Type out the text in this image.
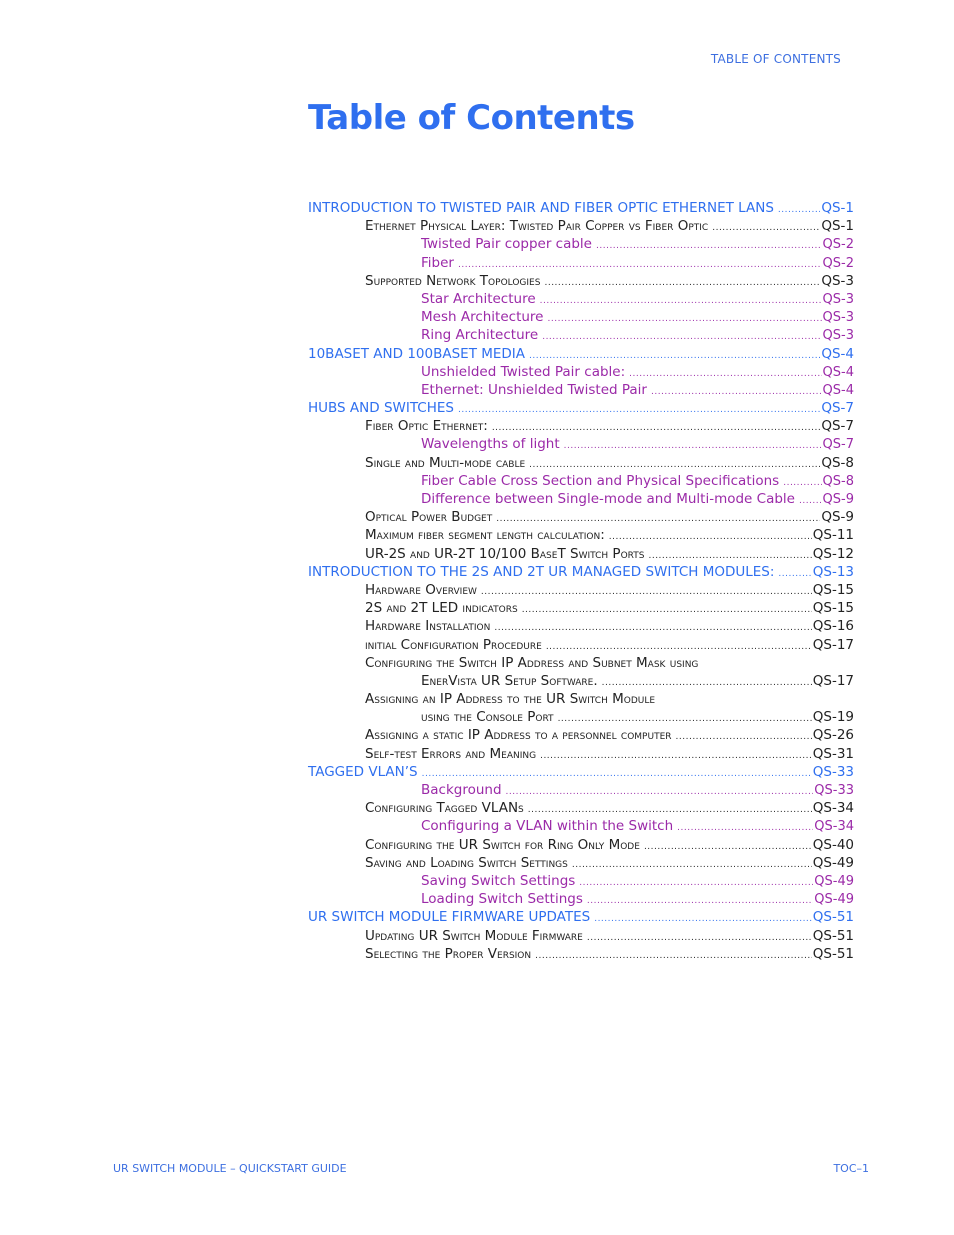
TABLE OF CONTENTS
Table of Contents
INTRODUCTION TO TWISTED PAIR AND FIBER OPTIC ETHERNET LANS .....	QS-1
Ethernet Physical Layer: Twisted Pair Copper vs Fiber Optic .....	QS-1
Twisted Pair copper cable .....	QS-2
Fiber .....	QS-2
Supported Network Topologies .....	QS-3
Star Architecture .....	QS-3
Mesh Architecture .....	QS-3
Ring Architecture .....	QS-3
10BASET AND 100BASET MEDIA .....	QS-4
Unshielded Twisted Pair cable: .....	QS-4
Ethernet: Unshielded Twisted Pair .....	QS-4
HUBS AND SWITCHES .....	QS-7
Fiber Optic Ethernet: .....	QS-7
Wavelengths of light .....	QS-7
Single and Multi-mode cable .....	QS-8
Fiber Cable Cross Section and Physical Specifications .....	QS-8
Difference between Single-mode and Multi-mode Cable .....	QS-9
Optical Power Budget .....	QS-9
Maximum fiber segment length calculation: .....	QS-11
UR-2S and UR-2T 10/100 BaseT Switch Ports .....	QS-12
INTRODUCTION TO THE 2S AND 2T UR MANAGED SWITCH MODULES: .....	QS-13
Hardware Overview .....	QS-15
2S and 2T LED indicators .....	QS-15
Hardware Installation .....	QS-16
initial Configuration Procedure .....	QS-17
Configuring the Switch IP Address and Subnet Mask using
EnerVista UR Setup Software. .....	QS-17
Assigning an IP Address to the UR Switch Module
using the Console Port .....	QS-19
Assigning a static IP Address to a personnel computer .....	QS-26
Self-test Errors and Meaning .....	QS-31
TAGGED VLAN’S .....	QS-33
Background .....	QS-33
Configuring Tagged VLANs .....	QS-34
Configuring a VLAN within the Switch .....	QS-34
Configuring the UR Switch for Ring Only Mode .....	QS-40
Saving and Loading Switch Settings .....	QS-49
Saving Switch Settings .....	QS-49
Loading Switch Settings .....	QS-49
UR SWITCH MODULE FIRMWARE UPDATES .....	QS-51
Updating UR Switch Module Firmware .....	QS-51
Selecting the Proper Version .....	QS-51
UR SWITCH MODULE – QUICKSTART GUIDE	TOC–1
